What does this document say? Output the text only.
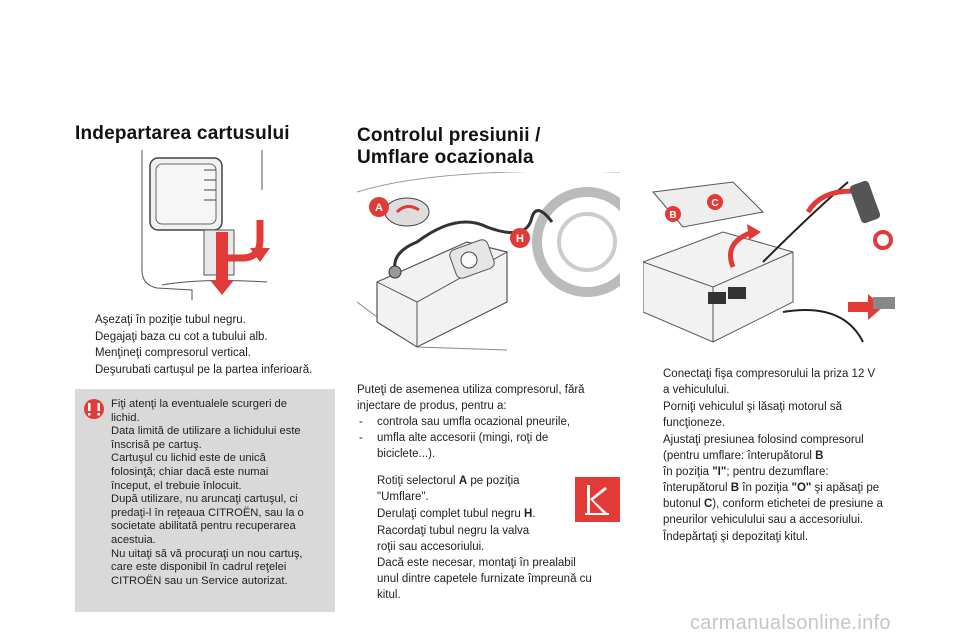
Indepartarea cartusului
Aşezaţi în poziţie tubul negru.
Degajaţi baza cu cot a tubului alb.
Menţineţi compresorul vertical.
Deşurubati cartuşul pe la partea inferioară.
Fiţi atenţi la eventualele scurgeri de
lichid.
Data limită de utilizare a lichidului este
înscrisă pe cartuş.
Cartuşul cu lichid este de unică
folosinţă; chiar dacă este numai
început, el trebuie înlocuit.
După utilizare, nu aruncaţi cartuşul, ci
predaţi-l în reţeaua CITROËN, sau la o
societate abilitată pentru recuperarea
acestuia.
Nu uitaţi să vă procuraţi un nou cartuş,
care este disponibil în cadrul reţelei
CITROËN sau un Service autorizat.
Controlul presiunii /
Umflare ocazionala
A
H
B
C
Puteţi de asemenea utiliza compresorul, fără
injectare de produs, pentru a:
- controla sau umfla ocazional pneurile,
- umfla alte accesorii (mingi, roţi de
biciclete...).
Rotiţi selectorul A pe poziţia
"Umflare".
Derulaţi complet tubul negru H.
Racordaţi tubul negru la valva
roţii sau accesoriului.
Dacă este necesar, montaţi în prealabil
unul dintre capetele furnizate împreună cu
kitul.
Conectaţi fişa compresorului la priza 12 V
a vehiculului.
Porniţi vehiculul şi lăsaţi motorul să
funcţioneze.
Ajustaţi presiunea folosind compresorul
(pentru umflare: înterupătorul B
în poziţia "I"; pentru dezumflare:
înterupătorul B în poziţia "O" şi apăsaţi pe
butonul C), conform etichetei de presiune a
pneurilor vehiculului sau a accesoriului.
Îndepărtaţi şi depozitaţi kitul.
carmanualsonline.info
